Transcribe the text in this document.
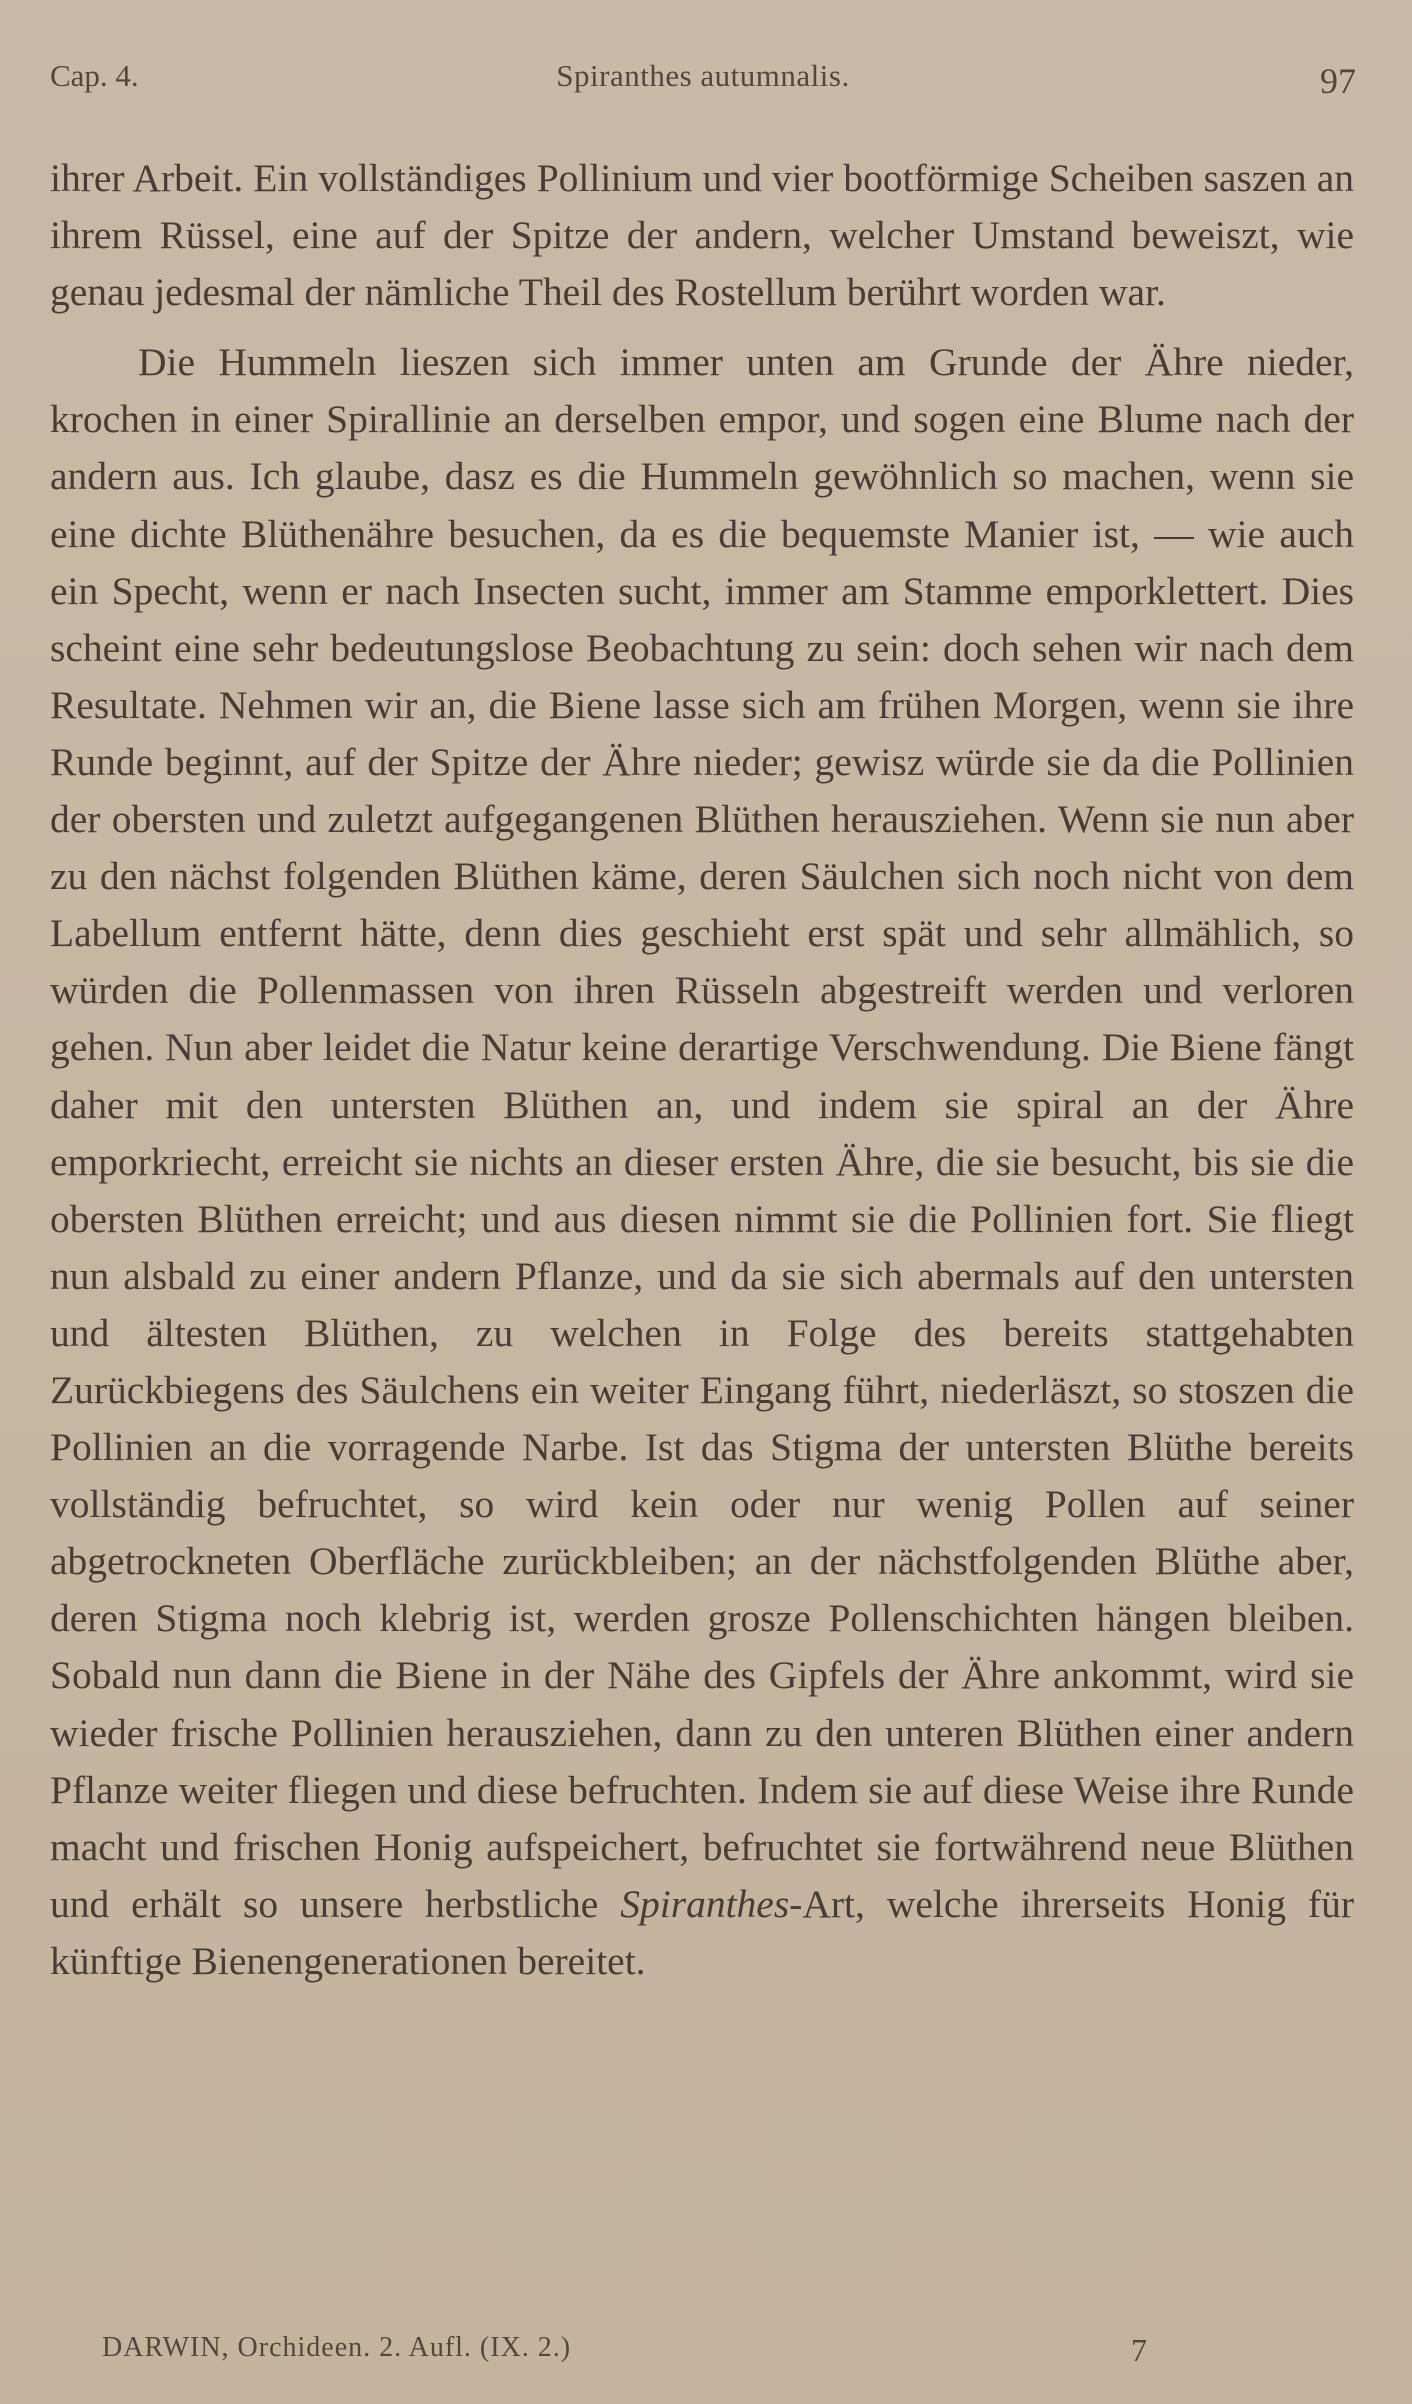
Cap. 4.	Spiranthes autumnalis.	97

ihrer Arbeit. Ein vollständiges Pollinium und vier bootförmige Scheiben saszen an ihrem Rüssel, eine auf der Spitze der andern, welcher Umstand beweiszt, wie genau jedesmal der nämliche Theil des Rostellum berührt worden war.

Die Hummeln lieszen sich immer unten am Grunde der Ähre nieder, krochen in einer Spirallinie an derselben empor, und sogen eine Blume nach der andern aus. Ich glaube, dasz es die Hummeln gewöhnlich so machen, wenn sie eine dichte Blüthenähre besuchen, da es die bequemste Manier ist, — wie auch ein Specht, wenn er nach Insecten sucht, immer am Stamme emporklettert. Dies scheint eine sehr bedeutungslose Beobachtung zu sein: doch sehen wir nach dem Resultate. Nehmen wir an, die Biene lasse sich am frühen Morgen, wenn sie ihre Runde beginnt, auf der Spitze der Ähre nieder; gewisz würde sie da die Pollinien der obersten und zuletzt aufgegangenen Blüthen herausziehen. Wenn sie nun aber zu den nächst folgenden Blüthen käme, deren Säulchen sich noch nicht von dem Labellum entfernt hätte, denn dies geschieht erst spät und sehr allmählich, so würden die Pollenmassen von ihren Rüsseln abgestreift werden und verloren gehen. Nun aber leidet die Natur keine derartige Verschwendung. Die Biene fängt daher mit den untersten Blüthen an, und indem sie spiral an der Ähre emporkriecht, erreicht sie nichts an dieser ersten Ähre, die sie besucht, bis sie die obersten Blüthen erreicht; und aus diesen nimmt sie die Pollinien fort. Sie fliegt nun alsbald zu einer andern Pflanze, und da sie sich abermals auf den untersten und ältesten Blüthen, zu welchen in Folge des bereits stattgehabten Zurückbiegens des Säulchens ein weiter Eingang führt, niederläszt, so stoszen die Pollinien an die vorragende Narbe. Ist das Stigma der untersten Blüthe bereits vollständig befruchtet, so wird kein oder nur wenig Pollen auf seiner abgetrockneten Oberfläche zurückbleiben; an der nächstfolgenden Blüthe aber, deren Stigma noch klebrig ist, werden grosze Pollenschichten hängen bleiben. Sobald nun dann die Biene in der Nähe des Gipfels der Ähre ankommt, wird sie wieder frische Pollinien herausziehen, dann zu den unteren Blüthen einer andern Pflanze weiter fliegen und diese befruchten. Indem sie auf diese Weise ihre Runde macht und frischen Honig aufspeichert, befruchtet sie fortwährend neue Blüthen und erhält so unsere herbstliche Spiranthes-Art, welche ihrerseits Honig für künftige Bienengenerationen bereitet.

DARWIN, Orchideen. 2. Aufl. (IX. 2.)	7
